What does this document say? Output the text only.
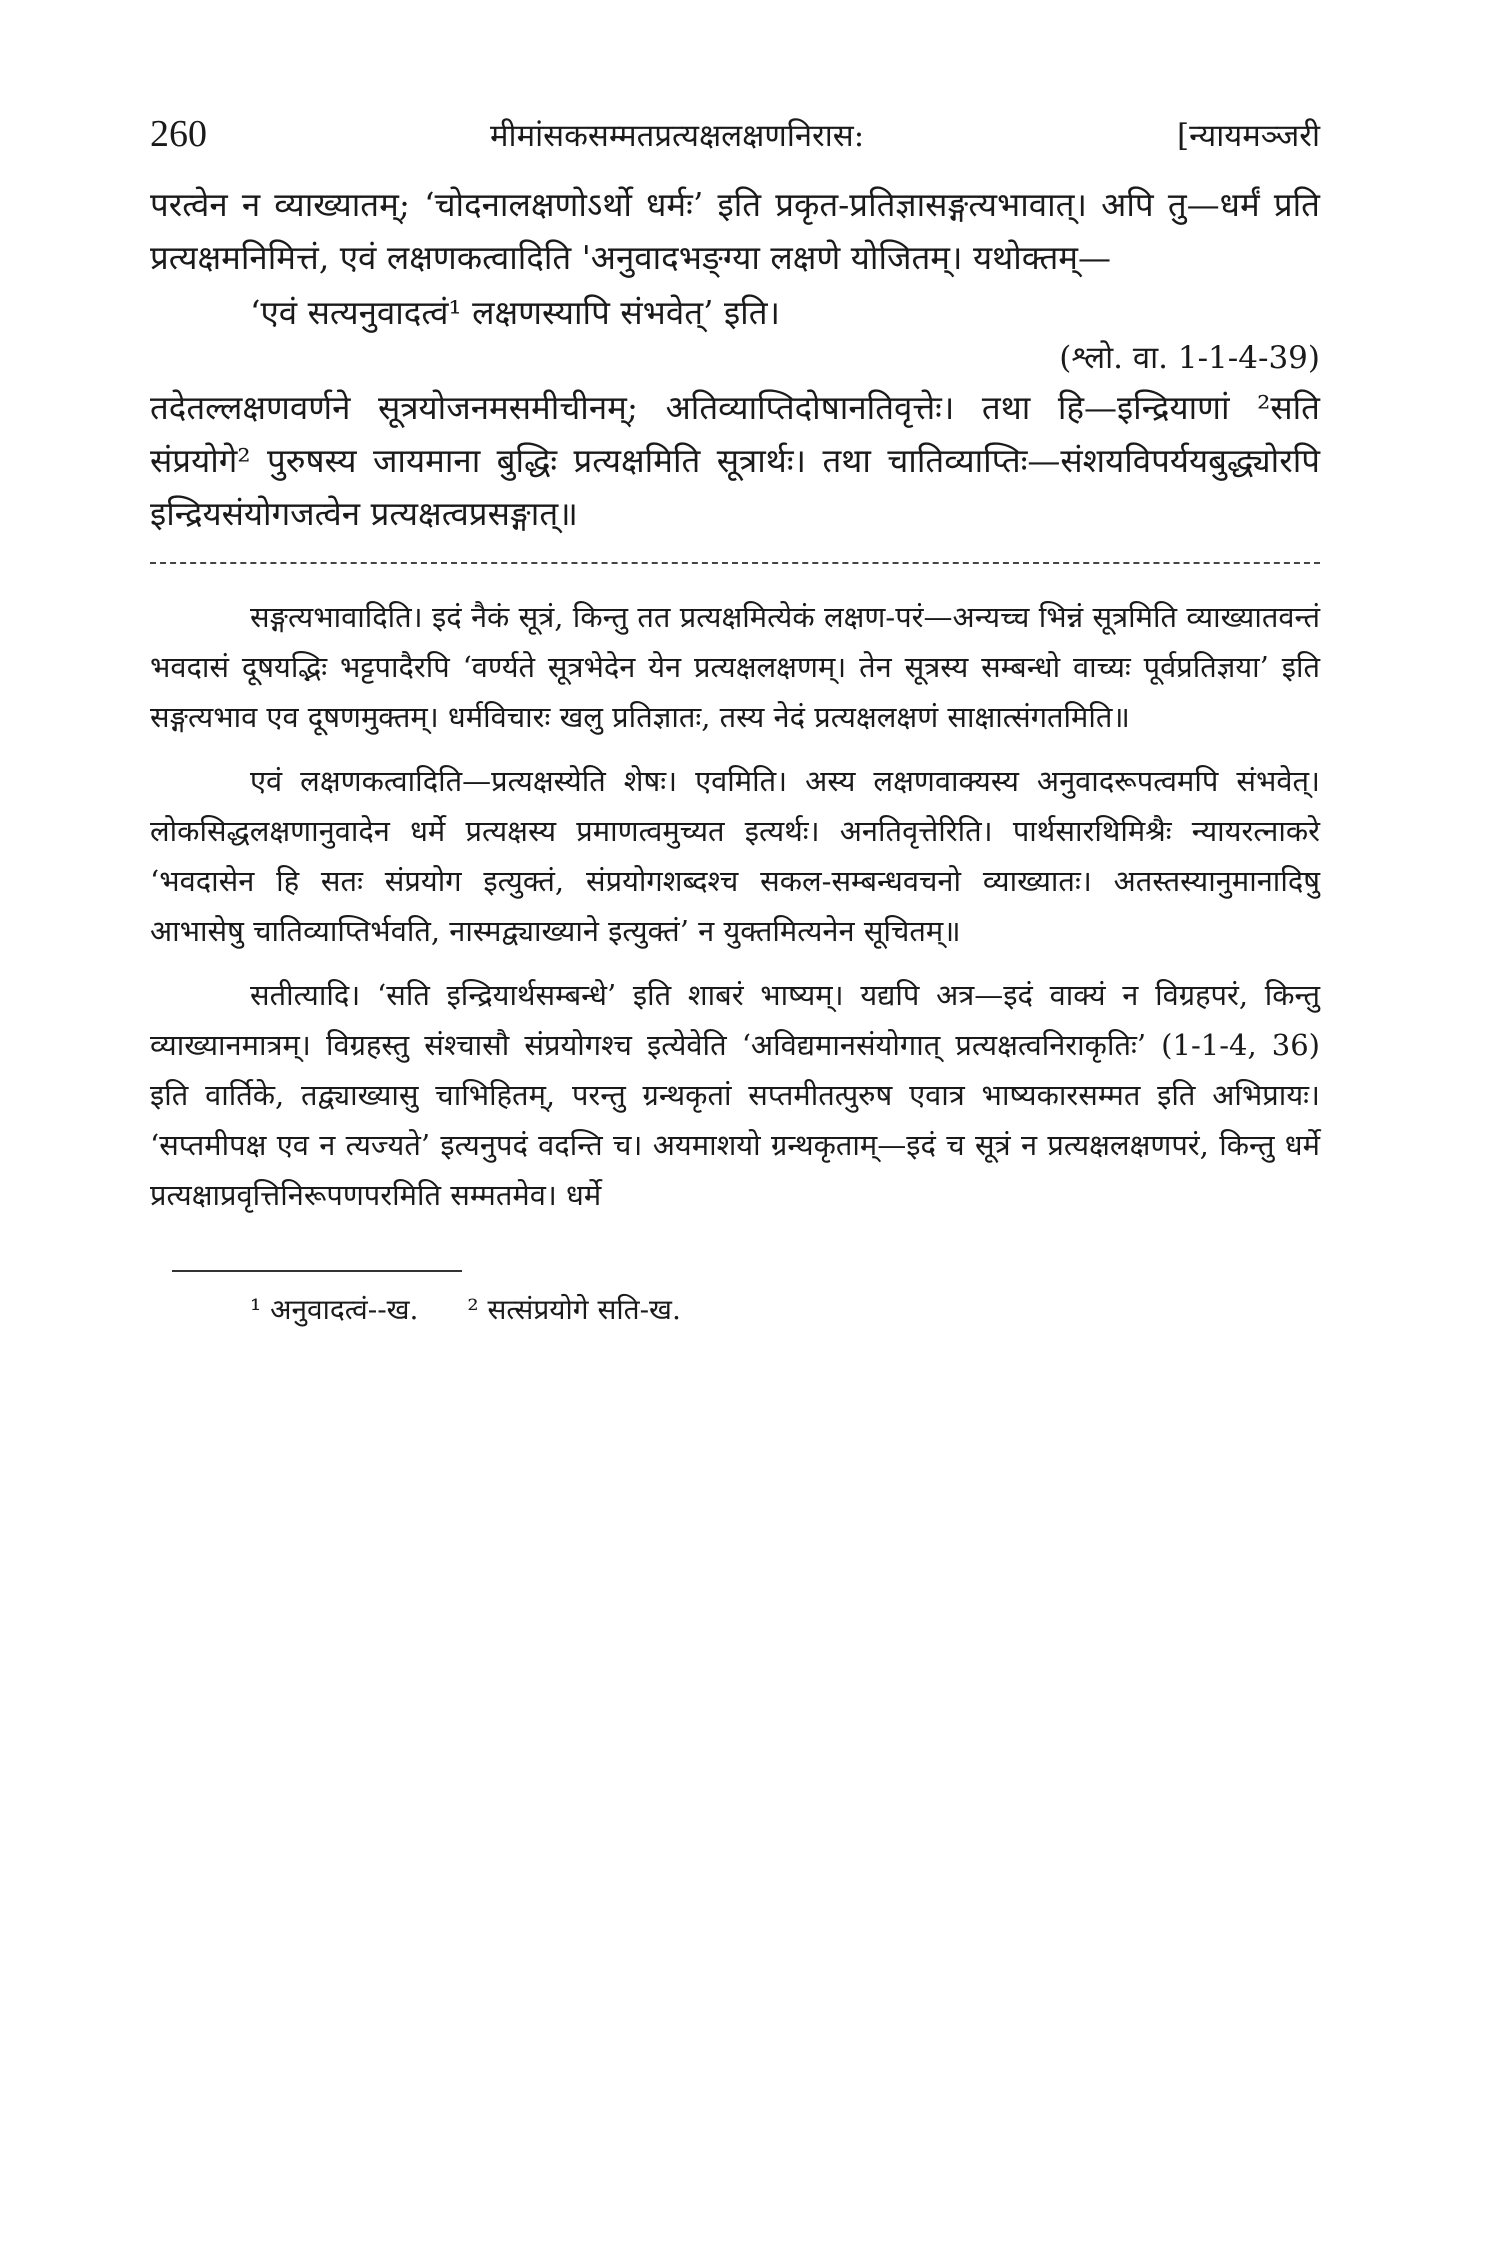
260	मीमांसकसम्मतप्रत्यक्षलक्षणनिरास:	[न्यायमञ्जरी

परत्वेन न व्याख्यातम्; ‘चोदनालक्षणोऽर्थो धर्मः’ इति प्रकृत-प्रतिज्ञासङ्गत्यभावात्। अपि तु—धर्मं प्रति प्रत्यक्षमनिमित्तं, एवं लक्षणकत्वादिति 'अनुवादभङ्ग्या लक्षणे योजितम्। यथोक्तम्—

‘एवं सत्यनुवादत्वं¹ लक्षणस्यापि संभवेत्’ इति।
(श्लो. वा. 1-1-4-39)

तदेतल्लक्षणवर्णने सूत्रयोजनमसमीचीनम्; अतिव्याप्तिदोषानतिवृत्तेः। तथा हि—इन्द्रियाणां ²सति संप्रयोगे² पुरुषस्य जायमाना बुद्धिः प्रत्यक्षमिति सूत्रार्थः। तथा चातिव्याप्तिः—संशयविपर्ययबुद्ध्योरपि इन्द्रियसंयोगजत्वेन प्रत्यक्षत्वप्रसङ्गात्॥

सङ्गत्यभावादिति। इदं नैकं सूत्रं, किन्तु तत प्रत्यक्षमित्येकं लक्षण-परं—अन्यच्च भिन्नं सूत्रमिति व्याख्यातवन्तं भवदासं दूषयद्भिः भट्टपादैरपि ‘वर्ण्यते सूत्रभेदेन येन प्रत्यक्षलक्षणम्। तेन सूत्रस्य सम्बन्धो वाच्यः पूर्वप्रतिज्ञया’ इति सङ्गत्यभाव एव दूषणमुक्तम्। धर्मविचारः खलु प्रतिज्ञातः, तस्य नेदं प्रत्यक्षलक्षणं साक्षात्संगतमिति॥

एवं लक्षणकत्वादिति—प्रत्यक्षस्येति शेषः। एवमिति। अस्य लक्षणवाक्यस्य अनुवादरूपत्वमपि संभवेत्। लोकसिद्धलक्षणानुवादेन धर्मे प्रत्यक्षस्य प्रमाणत्वमुच्यत इत्यर्थः। अनतिवृत्तेरिति। पार्थसारथिमिश्रैः न्यायरत्नाकरे ‘भवदासेन हि सतः संप्रयोग इत्युक्तं, संप्रयोगशब्दश्च सकल-सम्बन्धवचनो व्याख्यातः। अतस्तस्यानुमानादिषु आभासेषु चातिव्याप्तिर्भवति, नास्मद्व्याख्याने इत्युक्तं’ न युक्तमित्यनेन सूचितम्॥

सतीत्यादि। ‘सति इन्द्रियार्थसम्बन्धे’ इति शाबरं भाष्यम्। यद्यपि अत्र—इदं वाक्यं न विग्रहपरं, किन्तु व्याख्यानमात्रम्। विग्रहस्तु संश्चासौ संप्रयोगश्च इत्येवेति ‘अविद्यमानसंयोगात् प्रत्यक्षत्वनिराकृतिः’ (1-1-4, 36) इति वार्तिके, तद्व्याख्यासु चाभिहितम्, परन्तु ग्रन्थकृतां सप्तमीतत्पुरुष एवात्र भाष्यकारसम्मत इति अभिप्रायः। ‘सप्तमीपक्ष एव न त्यज्यते’ इत्यनुपदं वदन्ति च। अयमाशयो ग्रन्थकृताम्—इदं च सूत्रं न प्रत्यक्षलक्षणपरं, किन्तु धर्मे प्रत्यक्षाप्रवृत्तिनिरूपणपरमिति सम्मतमेव। धर्मे

¹ अनुवादत्वं--ख. ² सत्संप्रयोगे सति-ख.
